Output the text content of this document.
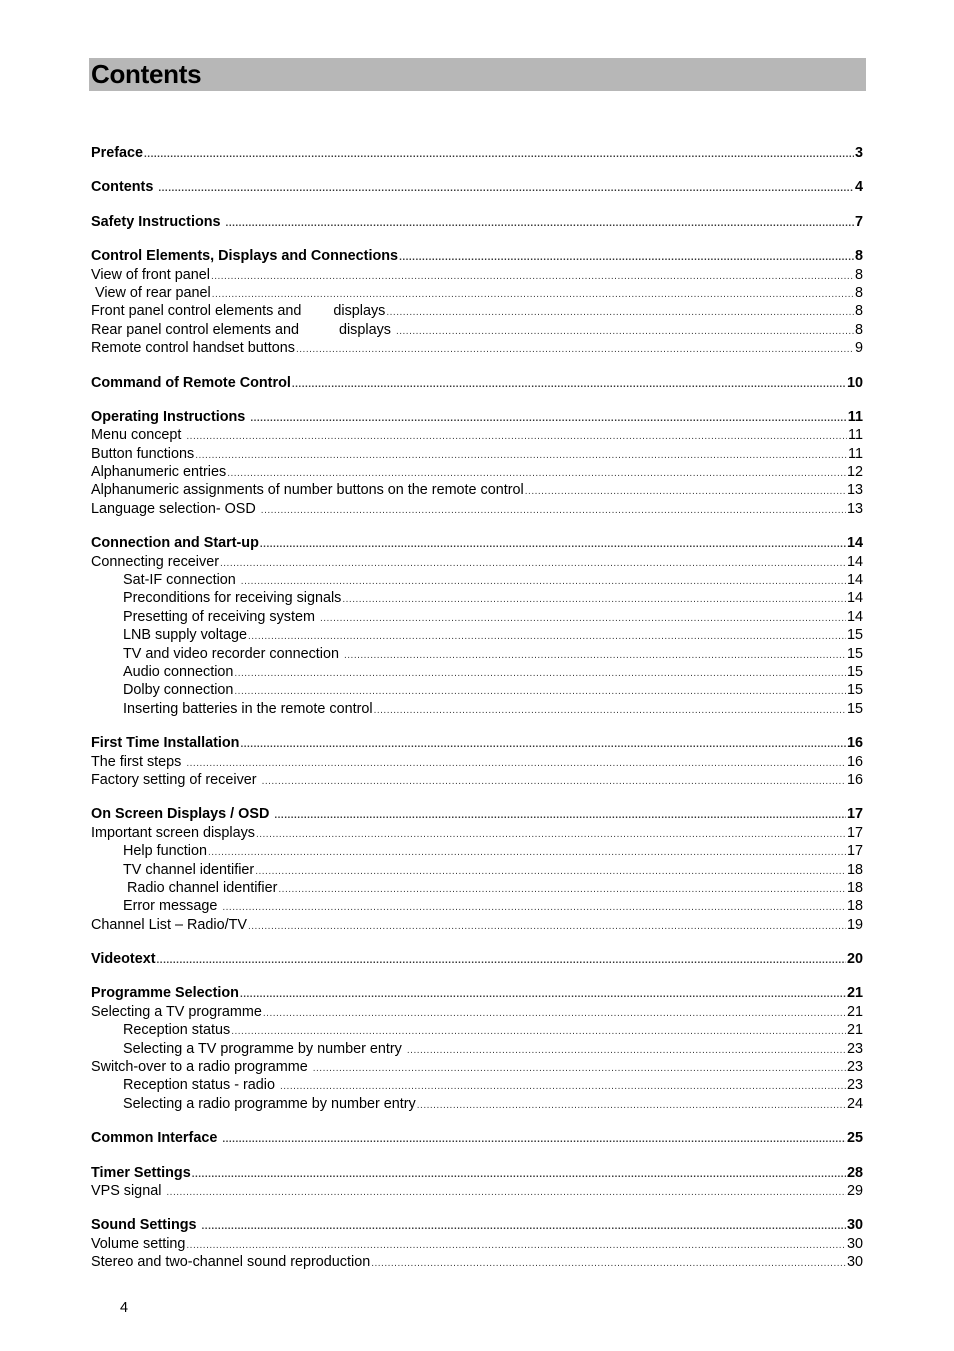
Contents
Preface .....	3
Contents .....	4
Safety Instructions .....	7
Control Elements, Displays and Connections .....	8
View of front panel .....	8
View of rear panel .....	8
Front panel control elements and        displays .....	8
Rear panel control elements and          displays .....	8
Remote control handset buttons .....	9
Command of Remote Control .....	10
Operating Instructions .....	11
Menu concept .....	11
Button functions .....	11
Alphanumeric entries .....	12
Alphanumeric assignments of number buttons on the remote control .....	13
Language selection- OSD .....	13
Connection and Start-up .....	14
Connecting receiver .....	14
Sat-IF connection .....	14
Preconditions for receiving signals .....	14
Presetting of receiving system .....	14
LNB supply voltage .....	15
TV and video recorder connection .....	15
Audio connection .....	15
Dolby connection .....	15
Inserting batteries in the remote control .....	15
First Time Installation .....	16
The first steps .....	16
Factory setting of receiver .....	16
On Screen Displays / OSD .....	17
Important screen displays .....	17
Help function .....	17
TV channel identifier .....	18
Radio channel identifier .....	18
Error message .....	18
Channel List – Radio/TV .....	19
Videotext .....	20
Programme Selection .....	21
Selecting a TV programme .....	21
Reception status .....	21
Selecting a TV programme by number entry .....	23
Switch-over to a radio programme .....	23
Reception status - radio .....	23
Selecting a radio programme by number entry .....	24
Common Interface .....	25
Timer Settings .....	28
VPS signal .....	29
Sound Settings .....	30
Volume setting .....	30
Stereo and two-channel sound reproduction .....	30
4
